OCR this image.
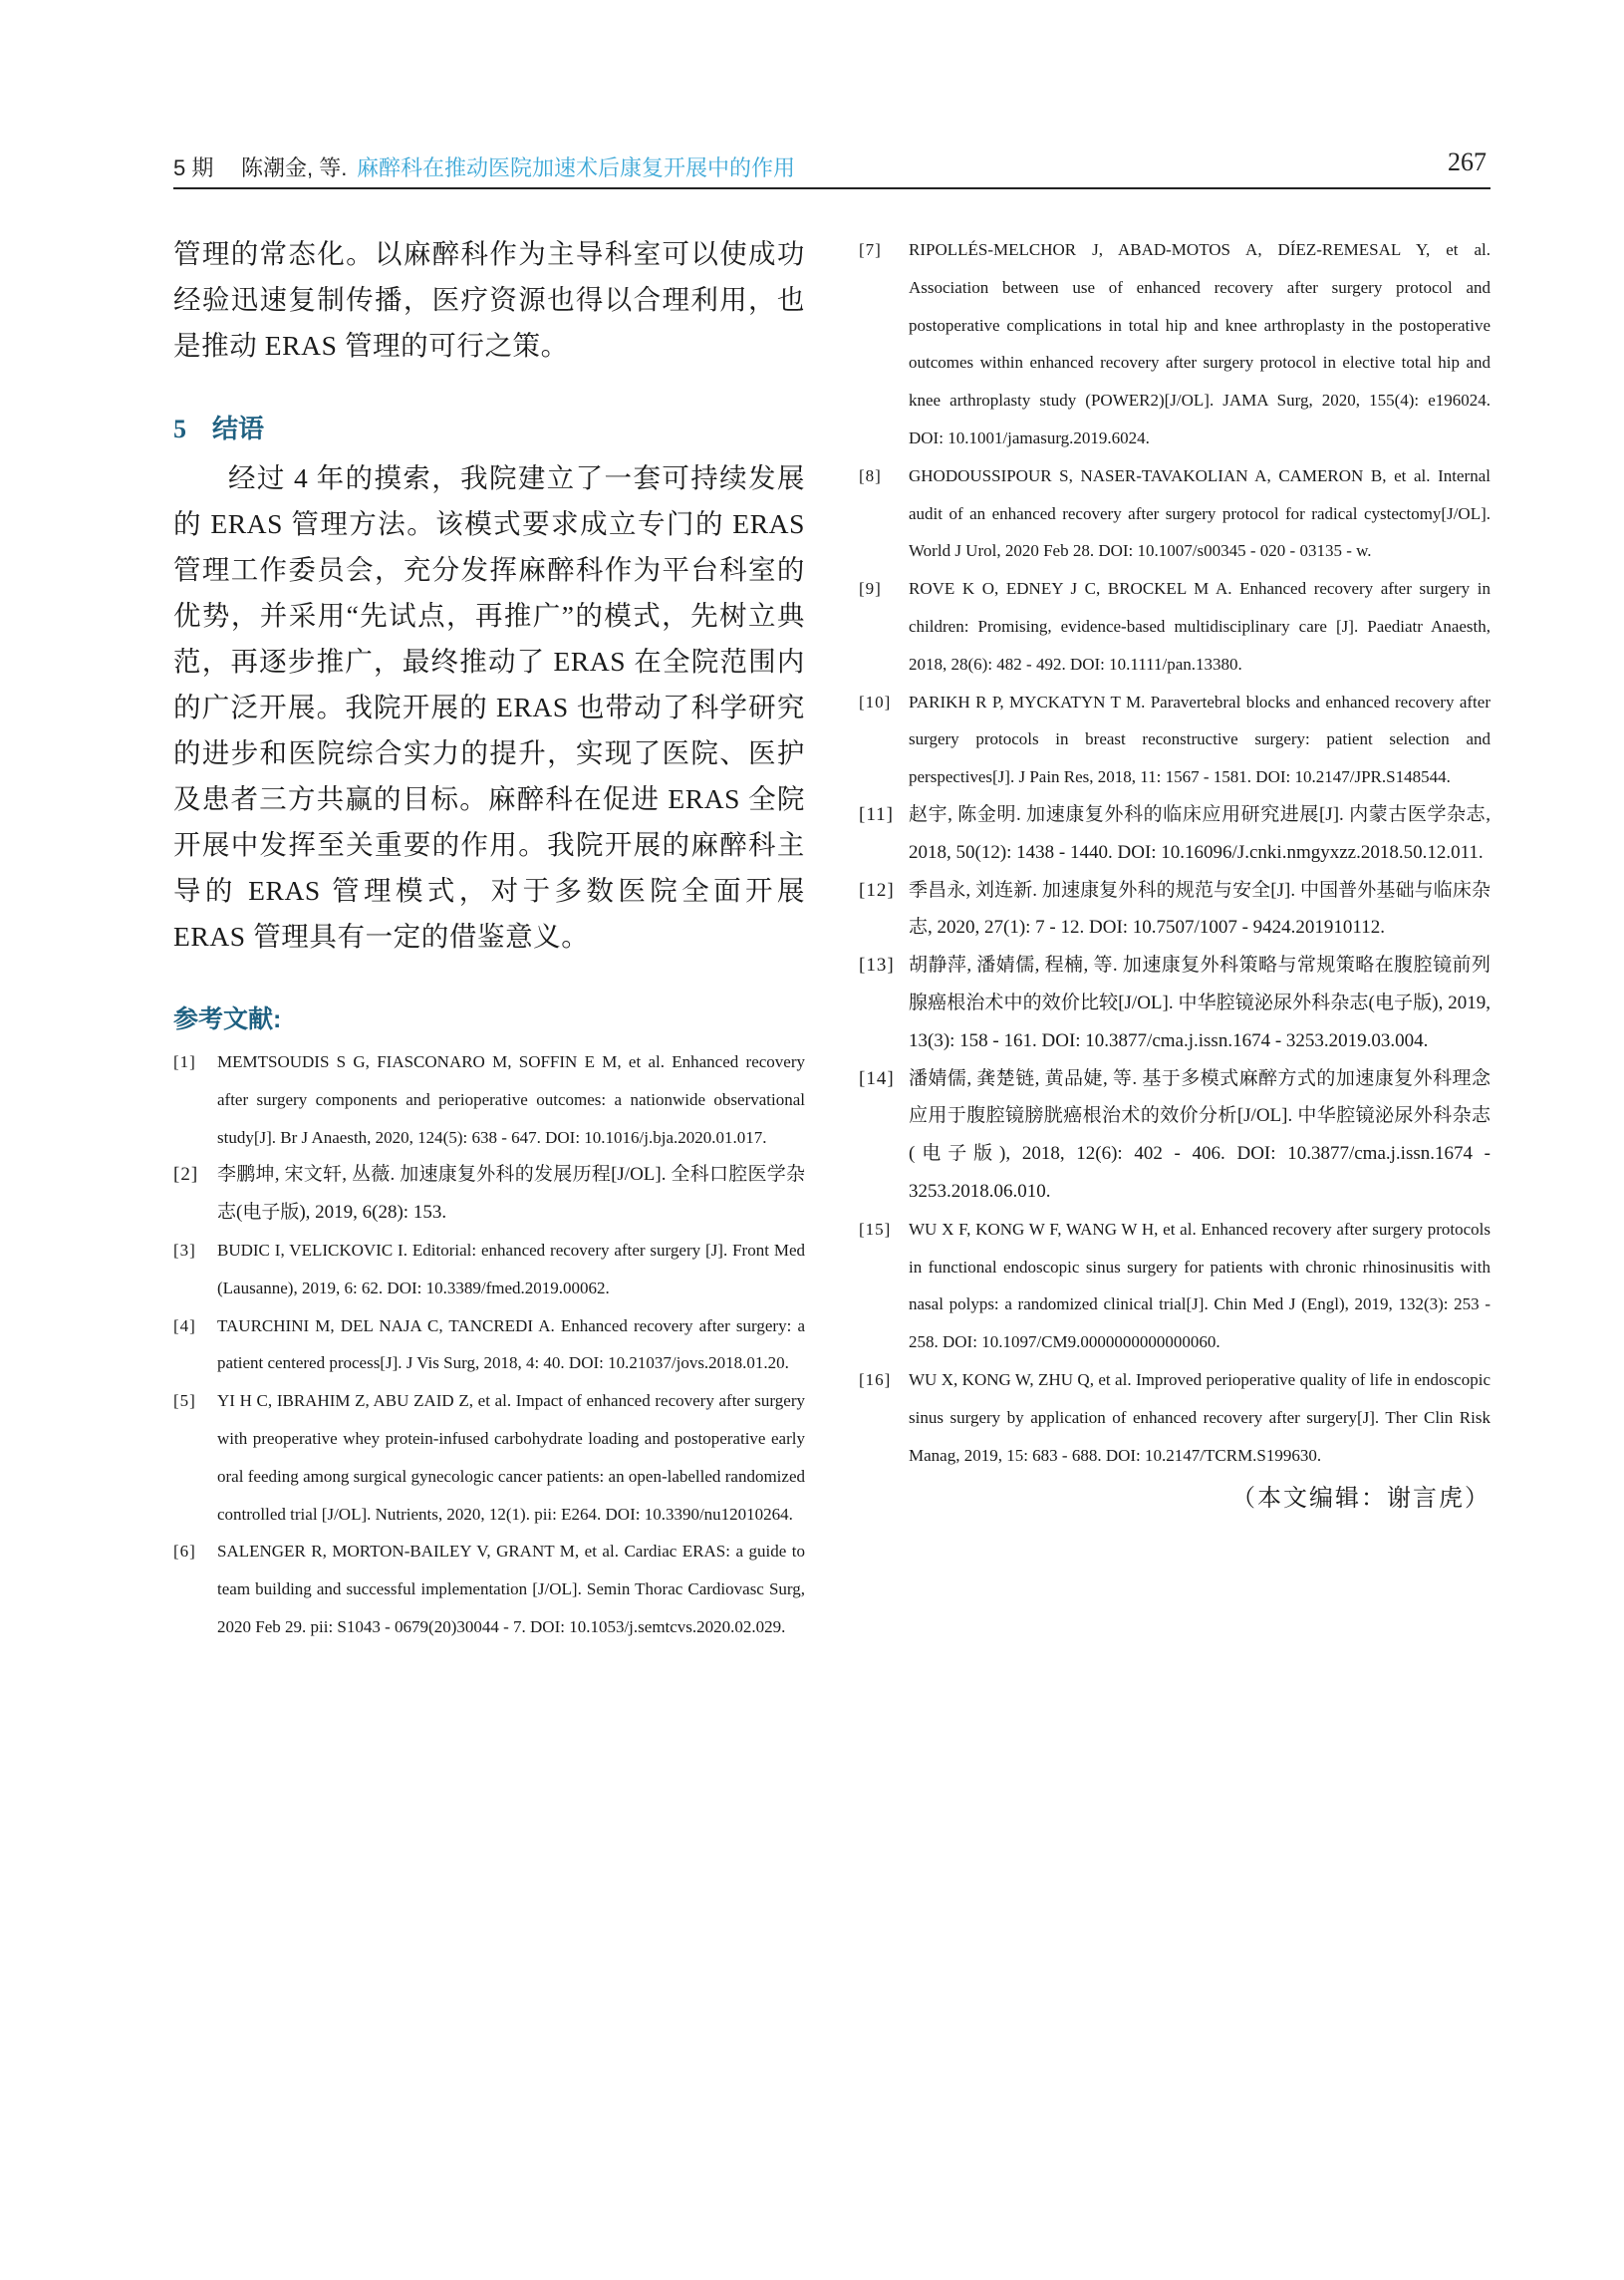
5 期 陈潮金, 等. 麻醉科在推动医院加速术后康复开展中的作用	267

管理的常态化。以麻醉科作为主导科室可以使成功经验迅速复制传播，医疗资源也得以合理利用，也是推动 ERAS 管理的可行之策。

5 结语

经过 4 年的摸索，我院建立了一套可持续发展的 ERAS 管理方法。该模式要求成立专门的 ERAS 管理工作委员会，充分发挥麻醉科作为平台科室的优势，并采用“先试点，再推广”的模式，先树立典范，再逐步推广，最终推动了 ERAS 在全院范围内的广泛开展。我院开展的 ERAS 也带动了科学研究的进步和医院综合实力的提升，实现了医院、医护及患者三方共赢的目标。麻醉科在促进 ERAS 全院开展中发挥至关重要的作用。我院开展的麻醉科主导的 ERAS 管理模式，对于多数医院全面开展 ERAS 管理具有一定的借鉴意义。

参考文献:
[1] MEMTSOUDIS S G, FIASCONARO M, SOFFIN E M, et al. Enhanced recovery after surgery components and perioperative outcomes: a nationwide observational study[J]. Br J Anaesth, 2020, 124(5): 638 - 647. DOI: 10.1016/j.bja.2020.01.017.
[2] 李鹏坤, 宋文轩, 丛薇. 加速康复外科的发展历程[J/OL]. 全科口腔医学杂志(电子版), 2019, 6(28): 153.
[3] BUDIC I, VELICKOVIC I. Editorial: enhanced recovery after surgery [J]. Front Med (Lausanne), 2019, 6: 62. DOI: 10.3389/fmed.2019.00062.
[4] TAURCHINI M, DEL NAJA C, TANCREDI A. Enhanced recovery after surgery: a patient centered process[J]. J Vis Surg, 2018, 4: 40. DOI: 10.21037/jovs.2018.01.20.
[5] YI H C, IBRAHIM Z, ABU ZAID Z, et al. Impact of enhanced recovery after surgery with preoperative whey protein-infused carbohydrate loading and postoperative early oral feeding among surgical gynecologic cancer patients: an open-labelled randomized controlled trial [J/OL]. Nutrients, 2020, 12(1). pii: E264. DOI: 10.3390/nu12010264.
[6] SALENGER R, MORTON-BAILEY V, GRANT M, et al. Cardiac ERAS: a guide to team building and successful implementation [J/OL]. Semin Thorac Cardiovasc Surg, 2020 Feb 29. pii: S1043 - 0679(20)30044 - 7. DOI: 10.1053/j.semtcvs.2020.02.029.
[7] RIPOLLÉS-MELCHOR J, ABAD-MOTOS A, DÍEZ-REMESAL Y, et al. Association between use of enhanced recovery after surgery protocol and postoperative complications in total hip and knee arthroplasty in the postoperative outcomes within enhanced recovery after surgery protocol in elective total hip and knee arthroplasty study (POWER2)[J/OL]. JAMA Surg, 2020, 155(4): e196024. DOI: 10.1001/jamasurg.2019.6024.
[8] GHODOUSSIPOUR S, NASER-TAVAKOLIAN A, CAMERON B, et al. Internal audit of an enhanced recovery after surgery protocol for radical cystectomy[J/OL]. World J Urol, 2020 Feb 28. DOI: 10.1007/s00345 - 020 - 03135 - w.
[9] ROVE K O, EDNEY J C, BROCKEL M A. Enhanced recovery after surgery in children: Promising, evidence-based multidisciplinary care [J]. Paediatr Anaesth, 2018, 28(6): 482 - 492. DOI: 10.1111/pan.13380.
[10] PARIKH R P, MYCKATYN T M. Paravertebral blocks and enhanced recovery after surgery protocols in breast reconstructive surgery: patient selection and perspectives[J]. J Pain Res, 2018, 11: 1567 - 1581. DOI: 10.2147/JPR.S148544.
[11] 赵宇, 陈金明. 加速康复外科的临床应用研究进展[J]. 内蒙古医学杂志, 2018, 50(12): 1438 - 1440. DOI: 10.16096/J.cnki.nmgyxzz.2018.50.12.011.
[12] 季昌永, 刘连新. 加速康复外科的规范与安全[J]. 中国普外基础与临床杂志, 2020, 27(1): 7 - 12. DOI: 10.7507/1007 - 9424.201910112.
[13] 胡静萍, 潘婧儒, 程楠, 等. 加速康复外科策略与常规策略在腹腔镜前列腺癌根治术中的效价比较[J/OL]. 中华腔镜泌尿外科杂志(电子版), 2019, 13(3): 158 - 161. DOI: 10.3877/cma.j.issn.1674 - 3253.2019.03.004.
[14] 潘婧儒, 龚楚链, 黄品婕, 等. 基于多模式麻醉方式的加速康复外科理念应用于腹腔镜膀胱癌根治术的效价分析[J/OL]. 中华腔镜泌尿外科杂志(电子版), 2018, 12(6): 402 - 406. DOI: 10.3877/cma.j.issn.1674 - 3253.2018.06.010.
[15] WU X F, KONG W F, WANG W H, et al. Enhanced recovery after surgery protocols in functional endoscopic sinus surgery for patients with chronic rhinosinusitis with nasal polyps: a randomized clinical trial[J]. Chin Med J (Engl), 2019, 132(3): 253 - 258. DOI: 10.1097/CM9.0000000000000060.
[16] WU X, KONG W, ZHU Q, et al. Improved perioperative quality of life in endoscopic sinus surgery by application of enhanced recovery after surgery[J]. Ther Clin Risk Manag, 2019, 15: 683 - 688. DOI: 10.2147/TCRM.S199630.
（本文编辑：谢言虎）
